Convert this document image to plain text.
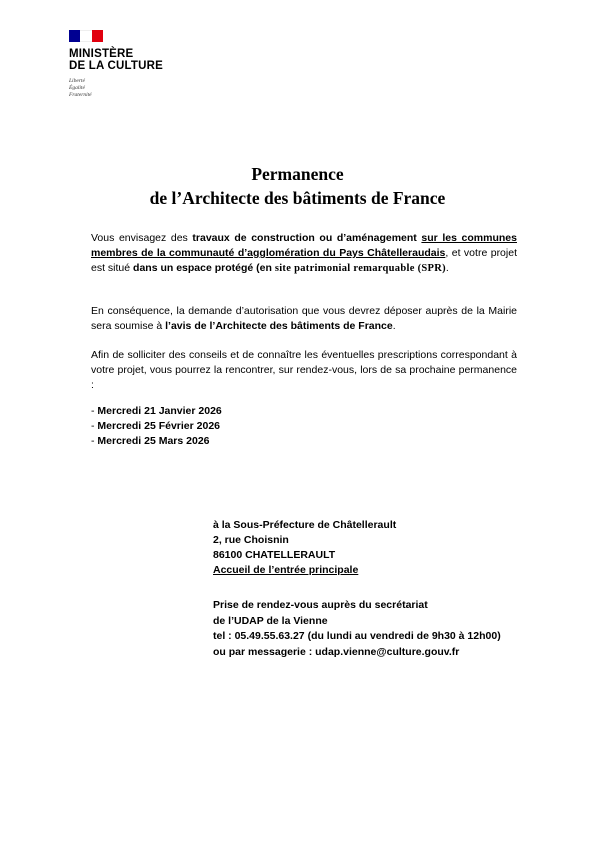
MINISTÈRE
DE LA CULTURE
Liberté
Égalité
Fraternité
Permanence
de l’Architecte des bâtiments de France
Vous envisagez des travaux de construction ou d’aménagement sur les communes membres de la communauté d’agglomération du Pays Châtelleraudais, et votre projet est situé dans un espace protégé (en site patrimonial remarquable (SPR).
En conséquence, la demande d’autorisation que vous devrez déposer auprès de la Mairie sera soumise à l’avis de l’Architecte des bâtiments de France.
Afin de solliciter des conseils et de connaître les éventuelles prescriptions correspondant à votre projet, vous pourrez la rencontrer, sur rendez-vous, lors de sa prochaine permanence :
- Mercredi 21 Janvier 2026
- Mercredi 25 Février 2026
- Mercredi 25 Mars 2026
à la Sous-Préfecture de Châtellerault
2, rue Choisnin
86100 CHATELLERAULT
Accueil de l’entrée principale
Prise de rendez-vous auprès du secrétariat
de l’UDAP de la Vienne
tel : 05.49.55.63.27 (du lundi au vendredi de 9h30 à 12h00)
ou par messagerie : udap.vienne@culture.gouv.fr
